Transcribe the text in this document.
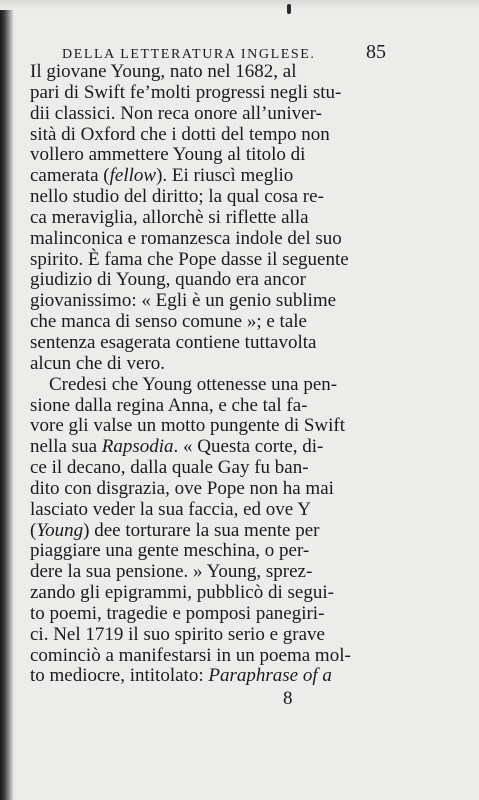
DELLA LETTERATURA INGLESE.	85
Il giovane Young, nato nel 1682, al
pari di Swift fe’molti progressi negli stu-
dii classici. Non reca onore all’univer-
sità di Oxford che i dotti del tempo non
vollero ammettere Young al titolo di
camerata (fellow). Ei riuscì meglio
nello studio del diritto; la qual cosa re-
ca meraviglia, allorchè si riflette alla
malinconica e romanzesca indole del suo
spirito. È fama che Pope dasse il seguente
giudizio di Young, quando era ancor
giovanissimo: « Egli è un genio sublime
che manca di senso comune »; e tale
sentenza esagerata contiene tuttavolta
alcun che di vero.
Credesi che Young ottenesse una pen-
sione dalla regina Anna, e che tal fa-
vore gli valse un motto pungente di Swift
nella sua Rapsodia. « Questa corte, di-
ce il decano, dalla quale Gay fu ban-
dito con disgrazia, ove Pope non ha mai
lasciato veder la sua faccia, ed ove Y
(Young) dee torturare la sua mente per
piaggiare una gente meschina, o per-
dere la sua pensione. » Young, sprez-
zando gli epigrammi, pubblicò di segui-
to poemi, tragedie e pomposi panegiri-
ci. Nel 1719 il suo spirito serio e grave
cominciò a manifestarsi in un poema mol-
to mediocre, intitolato: Paraphrase of a
8
